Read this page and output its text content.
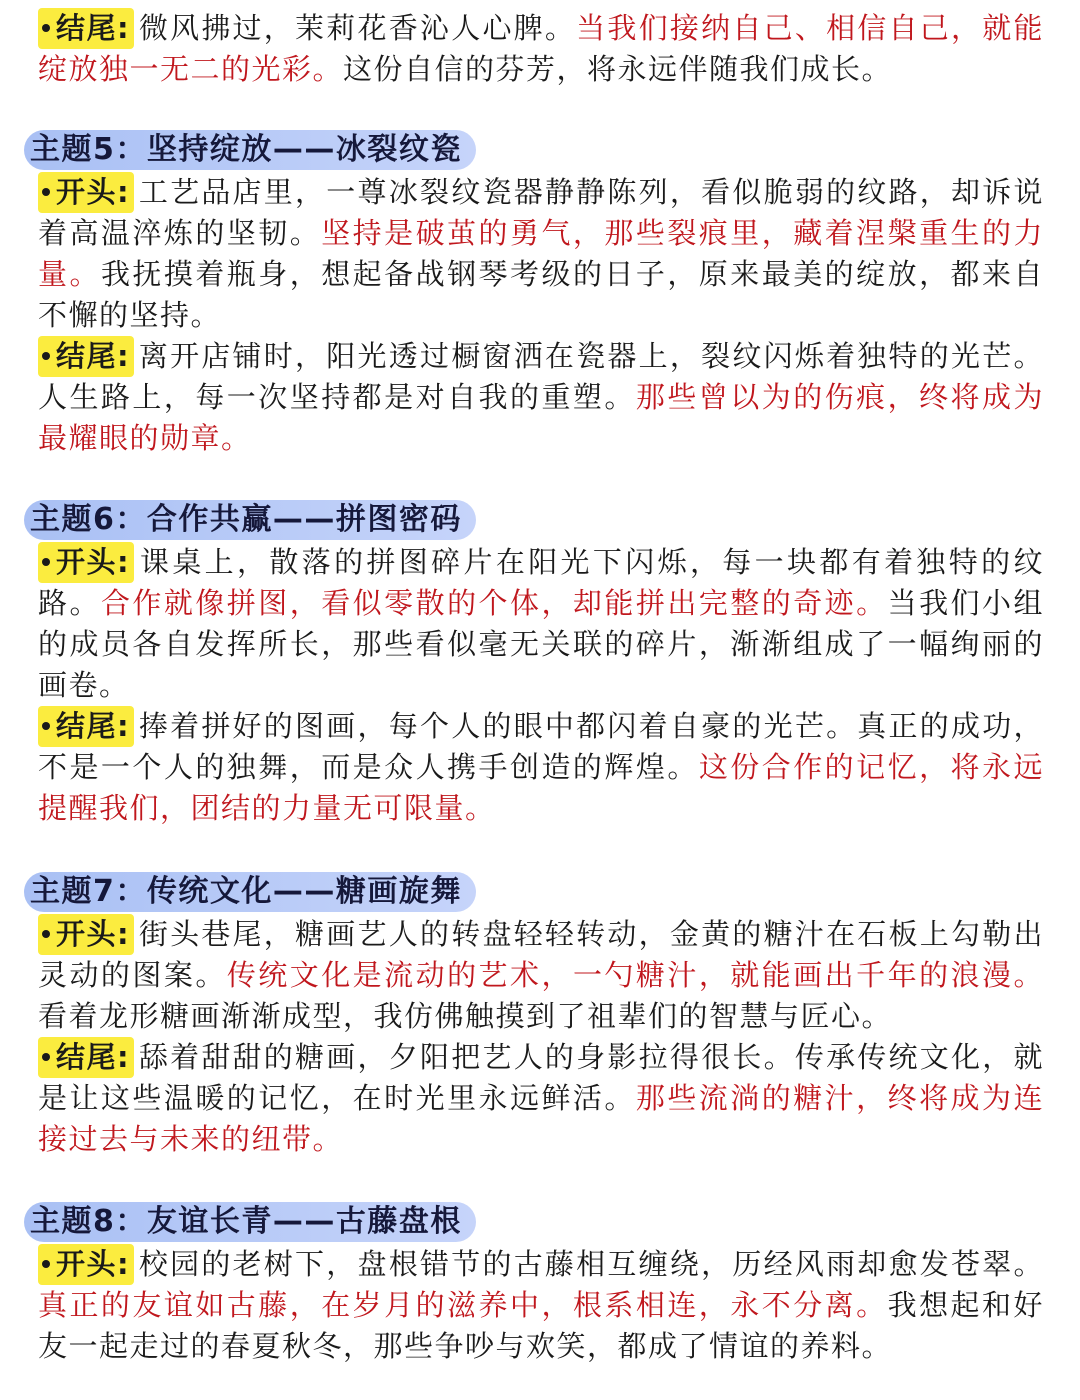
结尾: 微风拂过，茉莉花香沁人心脾。当我们接纳自己、相信自己，就能绽放独一无二的光彩。这份自信的芬芳，将永远伴随我们成长。

主题5：坚持绽放——冰裂纹瓷

开头: 工艺品店里，一尊冰裂纹瓷器静静陈列，看似脆弱的纹路，却诉说着高温淬炼的坚韧。坚持是破茧的勇气，那些裂痕里，藏着涅槃重生的力量。我抚摸着瓶身，想起备战钢琴考级的日子，原来最美的绽放，都来自不懈的坚持。

结尾: 离开店铺时，阳光透过橱窗洒在瓷器上，裂纹闪烁着独特的光芒。人生路上，每一次坚持都是对自我的重塑。那些曾以为的伤痕，终将成为最耀眼的勋章。

主题6：合作共赢——拼图密码

开头: 课桌上，散落的拼图碎片在阳光下闪烁，每一块都有着独特的纹路。合作就像拼图，看似零散的个体，却能拼出完整的奇迹。当我们小组的成员各自发挥所长，那些看似毫无关联的碎片，渐渐组成了一幅绚丽的画卷。

结尾: 捧着拼好的图画，每个人的眼中都闪着自豪的光芒。真正的成功，不是一个人的独舞，而是众人携手创造的辉煌。这份合作的记忆，将永远提醒我们，团结的力量无可限量。

主题7：传统文化——糖画旋舞

开头: 街头巷尾，糖画艺人的转盘轻轻转动，金黄的糖汁在石板上勾勒出灵动的图案。传统文化是流动的艺术，一勺糖汁，就能画出千年的浪漫。看着龙形糖画渐渐成型，我仿佛触摸到了祖辈们的智慧与匠心。

结尾: 舔着甜甜的糖画，夕阳把艺人的身影拉得很长。传承传统文化，就是让这些温暖的记忆，在时光里永远鲜活。那些流淌的糖汁，终将成为连接过去与未来的纽带。

主题8：友谊长青——古藤盘根

开头: 校园的老树下，盘根错节的古藤相互缠绕，历经风雨却愈发苍翠。真正的友谊如古藤，在岁月的滋养中，根系相连，永不分离。我想起和好友一起走过的春夏秋冬，那些争吵与欢笑，都成了情谊的养料。
